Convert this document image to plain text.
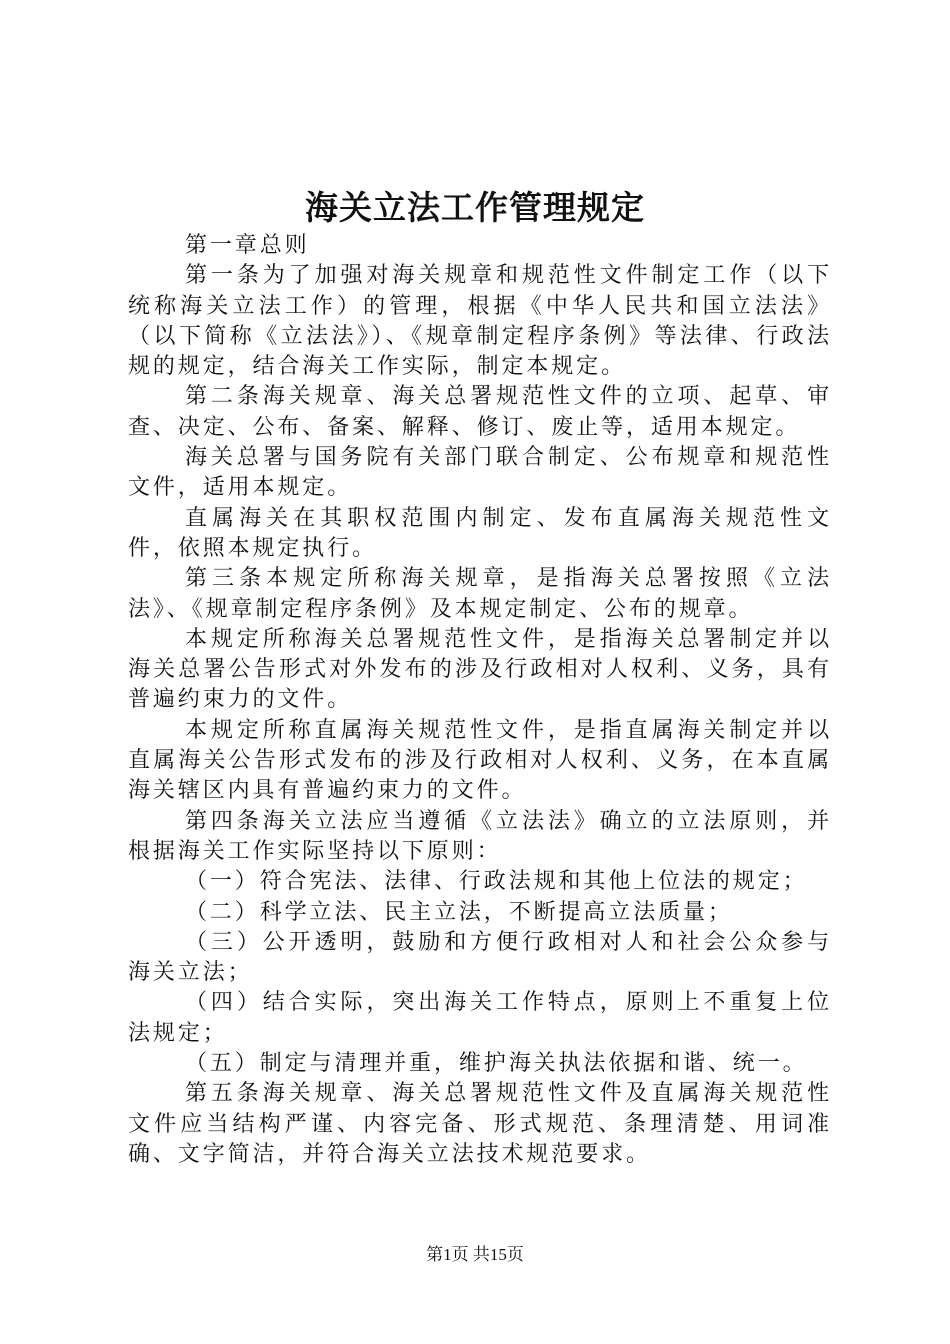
海关立法工作管理规定

第一章总则

第一条为了加强对海关规章和规范性文件制定工作（以下统称海关立法工作）的管理，根据《中华人民共和国立法法》（以下简称《立法法》）、《规章制定程序条例》等法律、行政法规的规定，结合海关工作实际，制定本规定。

第二条海关规章、海关总署规范性文件的立项、起草、审查、决定、公布、备案、解释、修订、废止等，适用本规定。

海关总署与国务院有关部门联合制定、公布规章和规范性文件，适用本规定。

直属海关在其职权范围内制定、发布直属海关规范性文件，依照本规定执行。

第三条本规定所称海关规章，是指海关总署按照《立法法》、《规章制定程序条例》及本规定制定、公布的规章。

本规定所称海关总署规范性文件，是指海关总署制定并以海关总署公告形式对外发布的涉及行政相对人权利、义务，具有普遍约束力的文件。

本规定所称直属海关规范性文件，是指直属海关制定并以直属海关公告形式发布的涉及行政相对人权利、义务，在本直属海关辖区内具有普遍约束力的文件。

第四条海关立法应当遵循《立法法》确立的立法原则，并根据海关工作实际坚持以下原则：

（一）符合宪法、法律、行政法规和其他上位法的规定；

（二）科学立法、民主立法，不断提高立法质量；

（三）公开透明，鼓励和方便行政相对人和社会公众参与海关立法；

（四）结合实际，突出海关工作特点，原则上不重复上位法规定；

（五）制定与清理并重，维护海关执法依据和谐、统一。

第五条海关规章、海关总署规范性文件及直属海关规范性文件应当结构严谨、内容完备、形式规范、条理清楚、用词准确、文字简洁，并符合海关立法技术规范要求。

第1页 共15页
